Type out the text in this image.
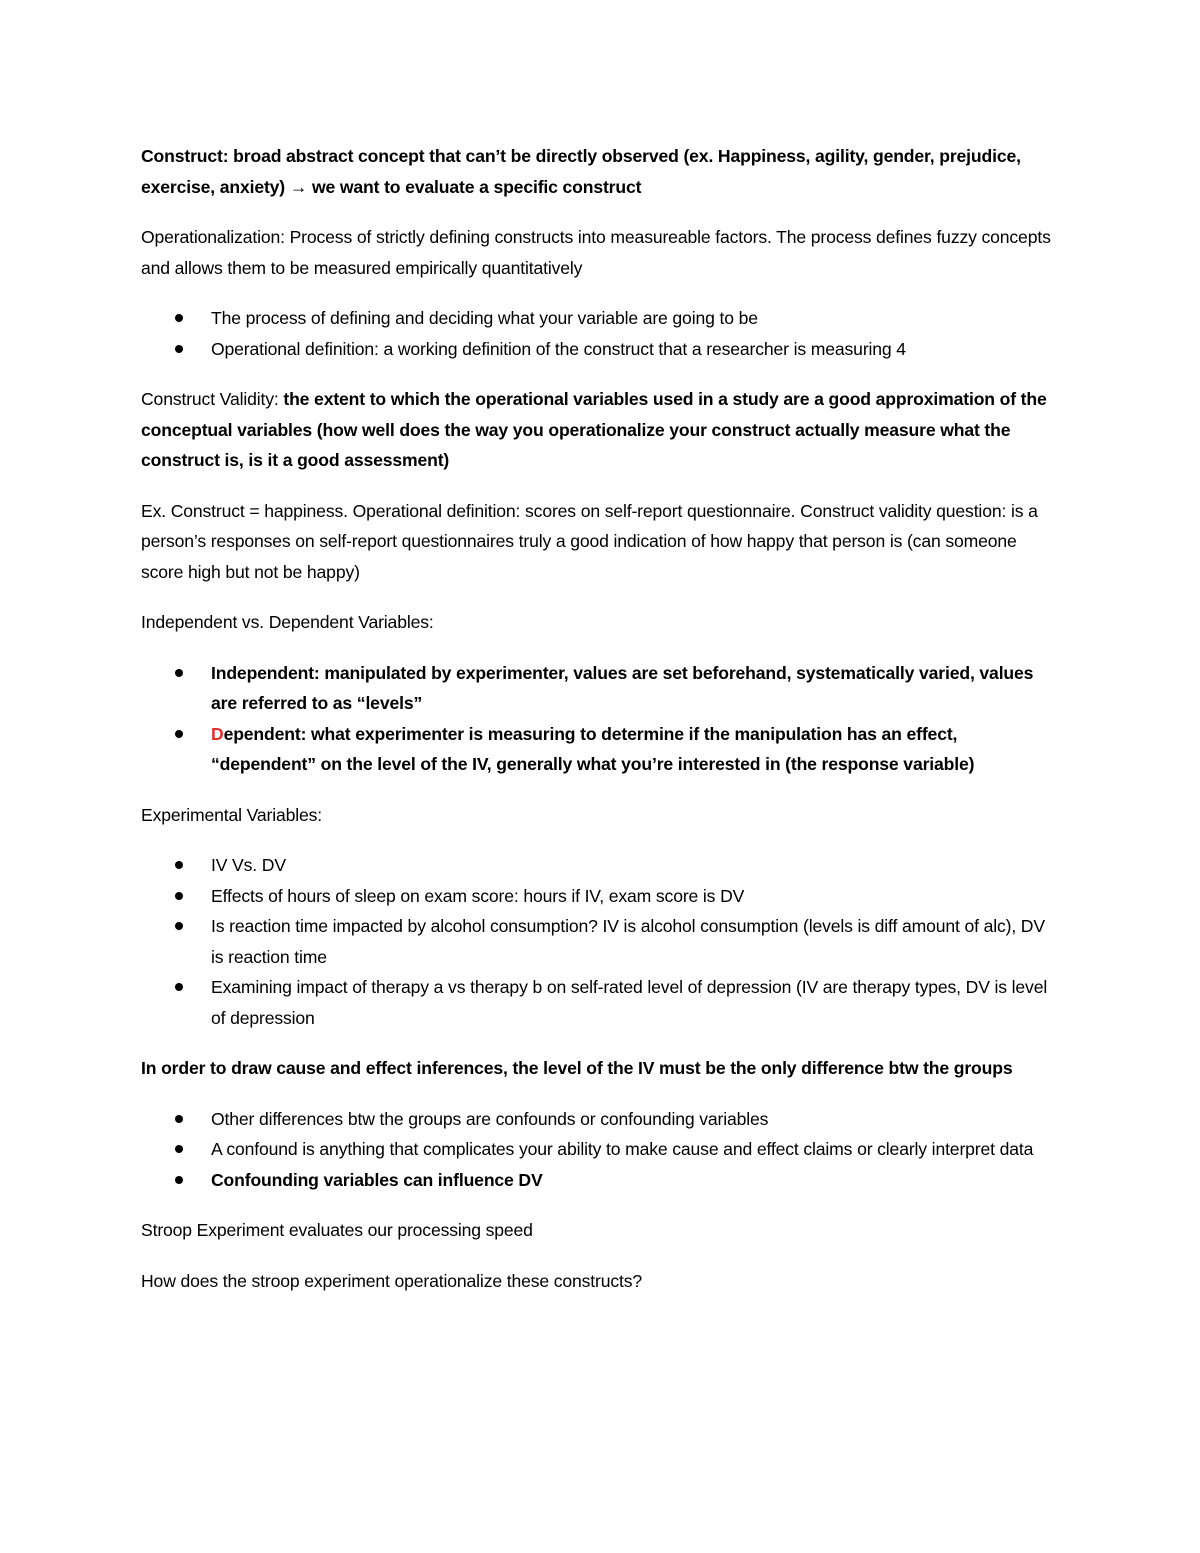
Construct: broad abstract concept that can’t be directly observed (ex. Happiness, agility, gender, prejudice, exercise, anxiety) → we want to evaluate a specific construct

Operationalization: Process of strictly defining constructs into measureable factors. The process defines fuzzy concepts and allows them to be measured empirically quantitatively

The process of defining and deciding what your variable are going to be
Operational definition: a working definition of the construct that a researcher is measuring 4

Construct Validity: the extent to which the operational variables used in a study are a good approximation of the conceptual variables (how well does the way you operationalize your construct actually measure what the construct is, is it a good assessment)

Ex. Construct = happiness. Operational definition: scores on self-report questionnaire. Construct validity question: is a person’s responses on self-report questionnaires truly a good indication of how happy that person is (can someone score high but not be happy)

Independent vs. Dependent Variables:

Independent: manipulated by experimenter, values are set beforehand, systematically varied, values are referred to as “levels”
Dependent: what experimenter is measuring to determine if the manipulation has an effect, “dependent” on the level of the IV, generally what you’re interested in (the response variable)

Experimental Variables:

IV Vs. DV
Effects of hours of sleep on exam score: hours if IV, exam score is DV
Is reaction time impacted by alcohol consumption? IV is alcohol consumption (levels is diff amount of alc), DV is reaction time
Examining impact of therapy a vs therapy b on self-rated level of depression (IV are therapy types, DV is level of depression

In order to draw cause and effect inferences, the level of the IV must be the only difference btw the groups

Other differences btw the groups are confounds or confounding variables
A confound is anything that complicates your ability to make cause and effect claims or clearly interpret data
Confounding variables can influence DV

Stroop Experiment evaluates our processing speed

How does the stroop experiment operationalize these constructs?
